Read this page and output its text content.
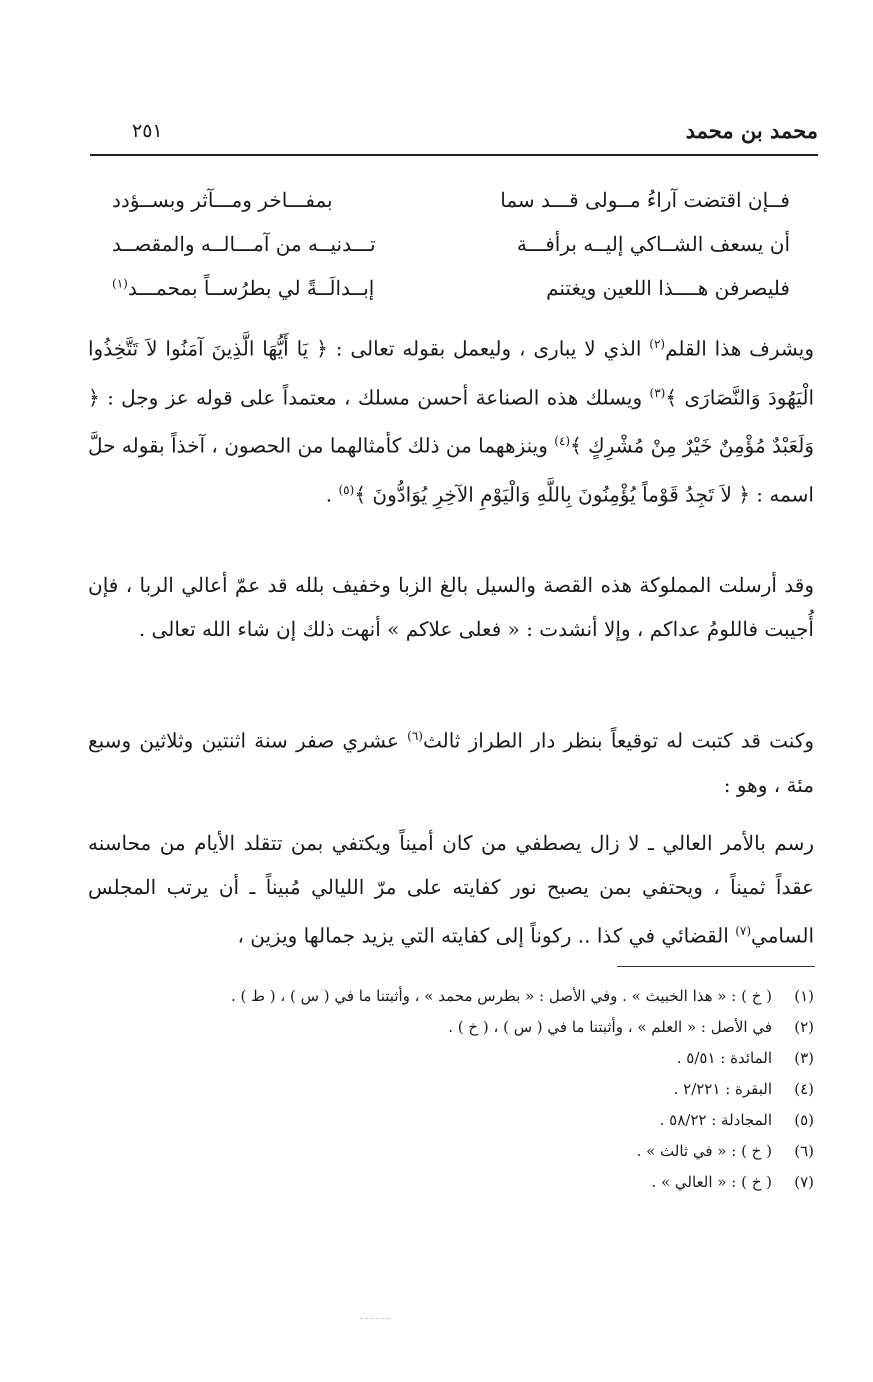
محمد بن محمد
٢٥١
فــإن اقتضت آراءُ مــولى قـــد سما
بمفـــاخر ومـــآثر وبســؤدد
أن يسعف الشــاكي إليــه برأفـــة
تـــدنيــه من آمـــالــه والمقصــد
فليصرفن هــــذا اللعين ويغتنم
إبــدالَــةً لي بطرُســاً بمحمـــد$^{(١)}$
ويشرف هذا القلم$^{(٢)}$ الذي لا يبارى ، وليعمل بقوله تعالى : ﴿ يَا أَيُّهَا الَّذِينَ آمَنُوا لاَ تَتَّخِذُوا الْيَهُودَ وَالنَّصَارَى ﴾$^{(٣)}$ ويسلك هذه الصناعة أحسن مسلك ، معتمداً على قوله عز وجل : ﴿ وَلَعَبْدٌ مُؤْمِنٌ خَيْرٌ مِنْ مُشْرِكٍ ﴾$^{(٤)}$ وينزههما من ذلك كأمثالهما من الحصون ، آخذاً بقوله حلَّ اسمه : ﴿ لاَ تَجِدُ قَوْماً يُؤْمِنُونَ بِاللَّهِ وَالْيَوْمِ الآخِرِ يُوَادُّونَ ﴾$^{(٥)}$ .
وقد أرسلت المملوكة هذه القصة والسيل بالغ الزبا وخفيف بلله قد عمّ أعالي الربا ، فإن أُجيبت فاللومُ عداكم ، وإلا أنشدت : « فعلى علاكم » أنهت ذلك إن شاء الله تعالى .
وكنت قد كتبت له توقيعاً بنظر دار الطراز ثالث$^{(٦)}$ عشري صفر سنة اثنتين وثلاثين وسبع مئة ، وهو :
رسم بالأمر العالي ـ لا زال يصطفي من كان أميناً ويكتفي بمن تتقلد الأيام من محاسنه عقداً ثميناً ، ويحتفي بمن يصبح نور كفايته على مرّ الليالي مُبيناً ـ أن يرتب المجلس السامي$^{(٧)}$ القضائي في كذا .. ركوناً إلى كفايته التي يزيد جمالها ويزين ،
(١)
( خ ) : « هذا الخبيث » . وفي الأصل : « بطرس محمد » ، وأثبتنا ما في ( س ) ، ( ط ) .
(٢)
في الأصل : « العلم » ، وأثبتنا ما في ( س ) ، ( خ ) .
(٣)
المائدة : ٥/٥١ .
(٤)
البقرة : ٢/٢٢١ .
(٥)
المجادلة : ٥٨/٢٢ .
(٦)
( خ ) : « في ثالث » .
(٧)
( خ ) : « العالي » .
